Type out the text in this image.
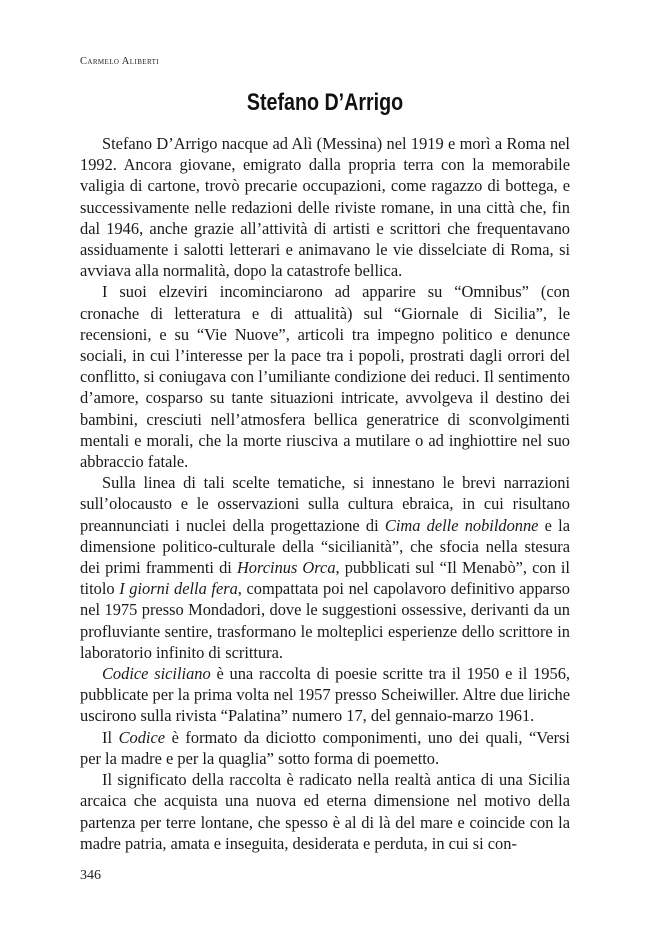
Carmelo Aliberti
Stefano D’Arrigo

Stefano D’Arrigo nacque ad Alì (Messina) nel 1919 e morì a Roma nel 1992. Ancora giovane, emigrato dalla propria terra con la memorabile valigia di cartone, trovò precarie occupazioni, come ragazzo di bottega, e successivamente nelle redazioni delle riviste romane, in una città che, fin dal 1946, anche grazie all’attività di artisti e scrittori che frequentavano assiduamente i salotti letterari e animavano le vie disselciate di Roma, si avviava alla normalità, dopo la catastrofe bellica.

I suoi elzeviri incominciarono ad apparire su “Omnibus” (con cronache di letteratura e di attualità) sul “Giornale di Sicilia”, le recensioni, e su “Vie Nuove”, articoli tra impegno politico e denunce sociali, in cui l’interesse per la pace tra i popoli, prostrati dagli orrori del conflitto, si coniugava con l’umiliante condizione dei reduci. Il sentimento d’amore, cosparso su tante situazioni intricate, avvolgeva il destino dei bambini, cresciuti nell’atmosfera bellica generatrice di sconvolgimenti mentali e morali, che la morte riusciva a mutilare o ad inghiottire nel suo abbraccio fatale.

Sulla linea di tali scelte tematiche, si innestano le brevi narrazioni sull’olocausto e le osservazioni sulla cultura ebraica, in cui risultano preannunciati i nuclei della progettazione di Cima delle nobildonne e la dimensione politico-culturale della “sicilianità”, che sfocia nella stesura dei primi frammenti di Horcinus Orca, pubblicati sul “Il Menabò”, con il titolo I giorni della fera, compattata poi nel capolavoro definitivo apparso nel 1975 presso Mondadori, dove le suggestioni ossessive, derivanti da un profluviante sentire, trasformano le molteplici esperienze dello scrittore in laboratorio infinito di scrittura.

Codice siciliano è una raccolta di poesie scritte tra il 1950 e il 1956, pubblicate per la prima volta nel 1957 presso Scheiwiller. Altre due liriche uscirono sulla rivista “Palatina” numero 17, del gennaio-marzo 1961.

Il Codice è formato da diciotto componimenti, uno dei quali, “Versi per la madre e per la quaglia” sotto forma di poemetto.

Il significato della raccolta è radicato nella realtà antica di una Sicilia arcaica che acquista una nuova ed eterna dimensione nel motivo della partenza per terre lontane, che spesso è al di là del mare e coincide con la madre patria, amata e inseguita, desiderata e perduta, in cui si con-

346
